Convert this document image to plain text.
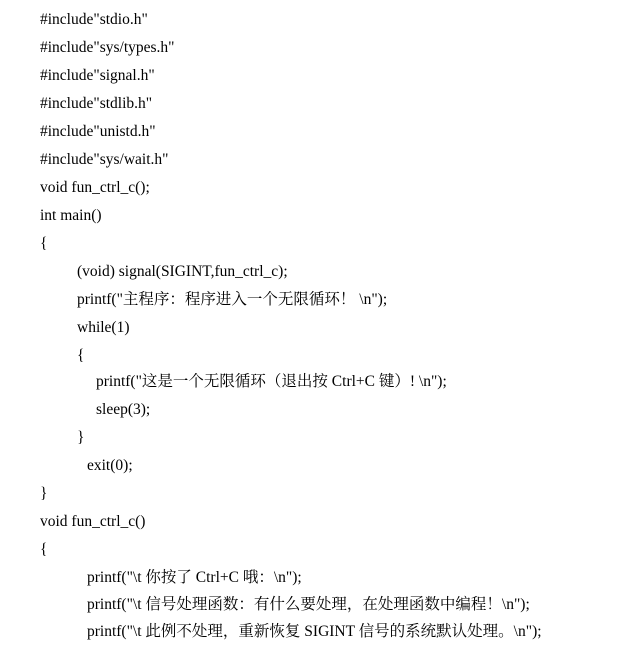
#include"stdio.h"
#include"sys/types.h"
#include"signal.h"
#include"stdlib.h"
#include"unistd.h"
#include"sys/wait.h"
void fun_ctrl_c();
int main()
{
(void) signal(SIGINT,fun_ctrl_c);
printf("主程序：程序进入一个无限循环！ \n");
while(1)
{
printf("这是一个无限循环（退出按 Ctrl+C 键）! \n");
sleep(3);
}
exit(0);
}
void fun_ctrl_c()
{
printf("\t 你按了 Ctrl+C 哦：\n");
printf("\t 信号处理函数：有什么要处理，在处理函数中编程！\n");
printf("\t 此例不处理，重新恢复 SIGINT 信号的系统默认处理。\n");
